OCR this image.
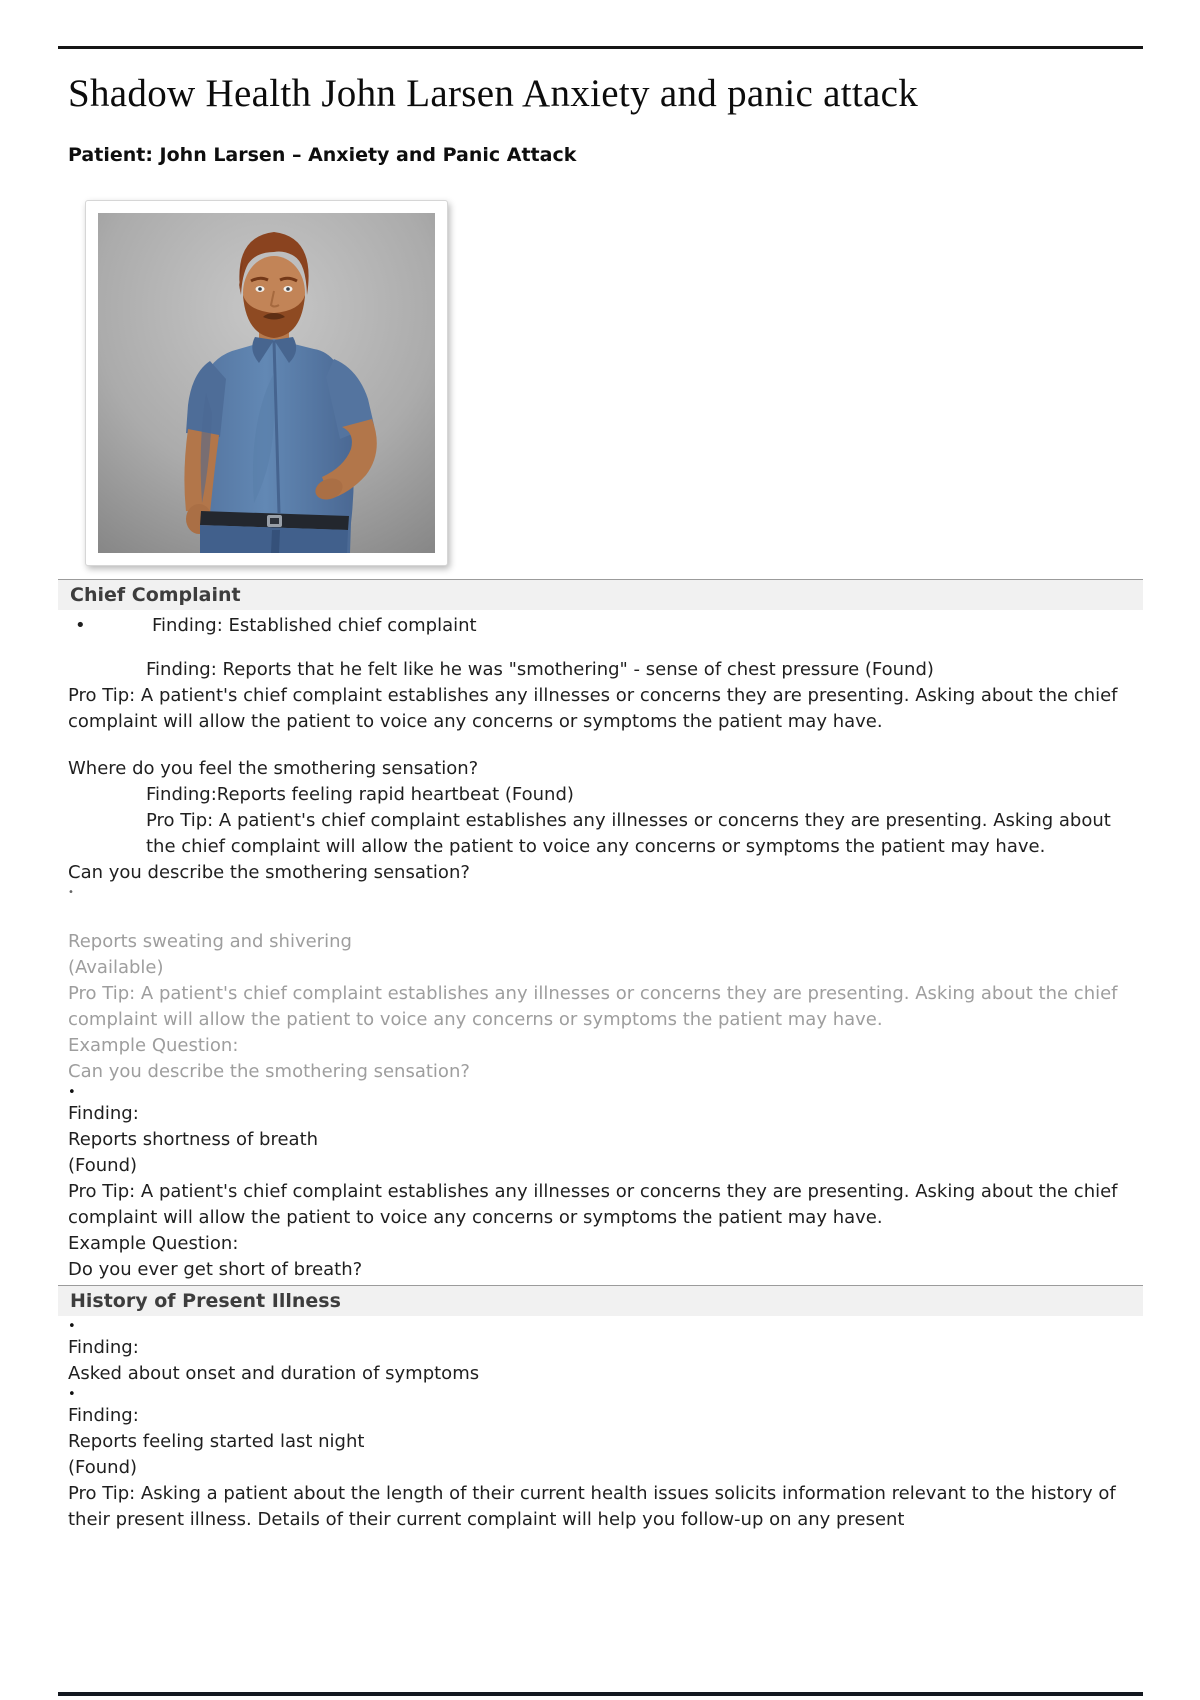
Shadow Health John Larsen Anxiety and panic attack
Patient: John Larsen – Anxiety and Panic Attack
Chief Complaint
•	Finding: Established chief complaint
Finding: Reports that he felt like he was "smothering" - sense of chest pressure (Found)
Pro Tip: A patient's chief complaint establishes any illnesses or concerns they are presenting. Asking about the chief complaint will allow the patient to voice any concerns or symptoms the patient may have.
Where do you feel the smothering sensation?
Finding:Reports feeling rapid heartbeat (Found)
Pro Tip: A patient's chief complaint establishes any illnesses or concerns they are presenting. Asking about the chief complaint will allow the patient to voice any concerns or symptoms the patient may have.
Can you describe the smothering sensation?
•
Reports sweating and shivering
(Available)
Pro Tip: A patient's chief complaint establishes any illnesses or concerns they are presenting. Asking about the chief complaint will allow the patient to voice any concerns or symptoms the patient may have.
Example Question:
Can you describe the smothering sensation?
•
Finding:
Reports shortness of breath
(Found)
Pro Tip: A patient's chief complaint establishes any illnesses or concerns they are presenting. Asking about the chief complaint will allow the patient to voice any concerns or symptoms the patient may have.
Example Question:
Do you ever get short of breath?
History of Present Illness
•
Finding:
Asked about onset and duration of symptoms
•
Finding:
Reports feeling started last night
(Found)
Pro Tip: Asking a patient about the length of their current health issues solicits information relevant to the history of their present illness. Details of their current complaint will help you follow-up on any present
